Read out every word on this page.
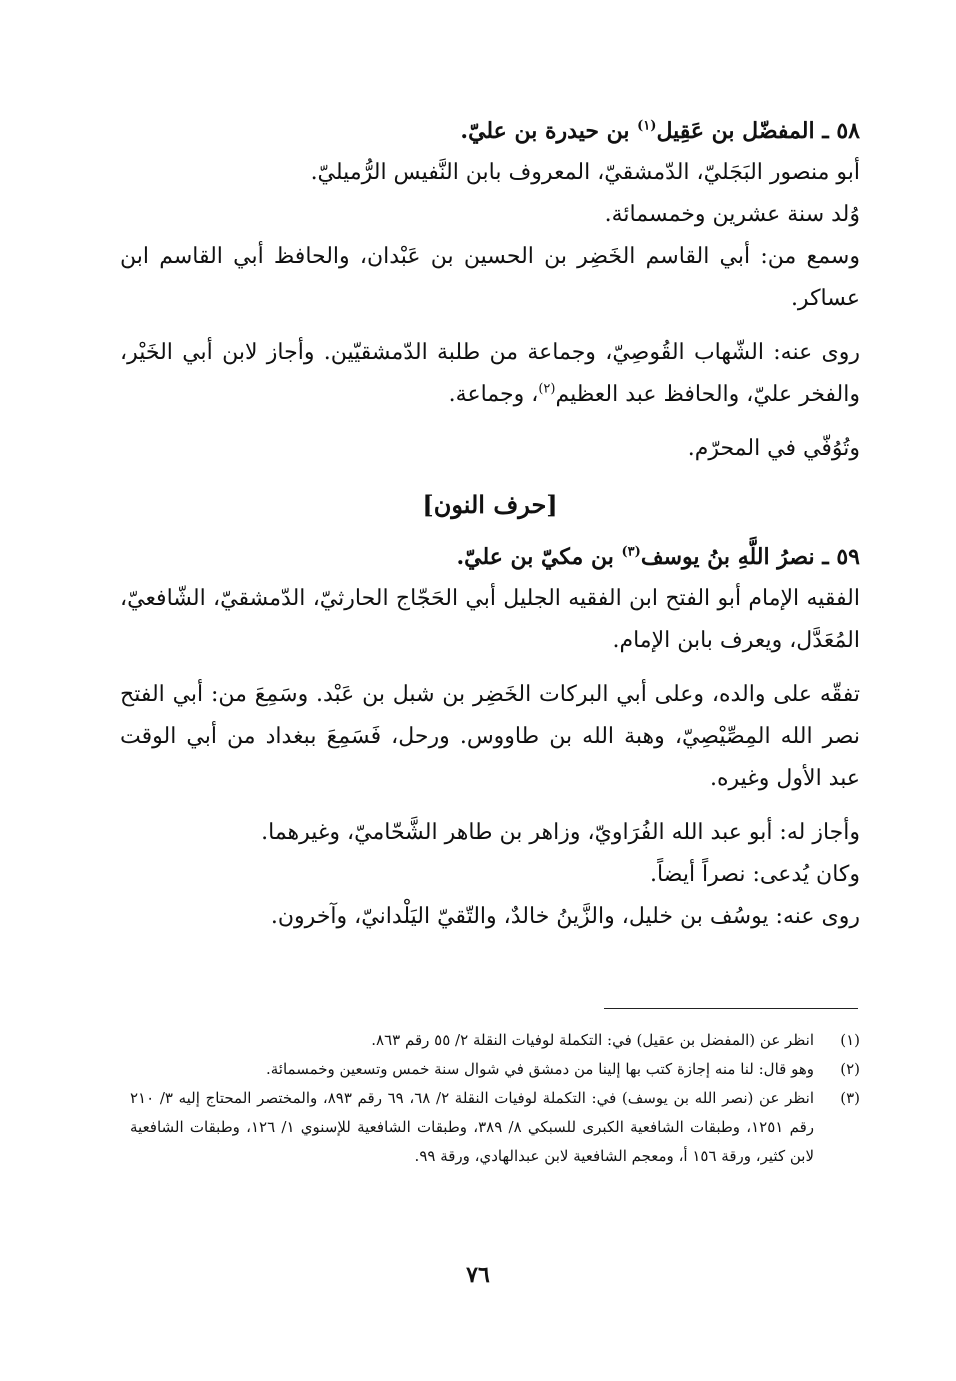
٥٨ ـ المفضّل بن عَقِيل$^{(١)}$ بن حيدرة بن عليّ.

أبو منصور البَجَليّ، الدّمشقيّ، المعروف بابن النَّفيس الرُّميليّ.

وُلد سنة عشرين وخمسمائة.

وسمع من: أبي القاسم الخَضِر بن الحسين بن عَبْدان، والحافظ أبي القاسم ابن عساكر.

روى عنه: الشّهاب القُوصِيّ، وجماعة من طلبة الدّمشقيّين. وأجاز لابن أبي الخَيْر، والفخر عليّ، والحافظ عبد العظيم$^{(٢)}$، وجماعة.

وتُوُفّي في المحرّم.

[حرف النون]

٥٩ ـ نصرُ اللَّهِ بنُ يوسف$^{(٣)}$ بن مكيّ بن عليّ.

الفقيه الإمام أبو الفتح ابن الفقيه الجليل أبي الحَجّاج الحارثيّ، الدّمشقيّ، الشّافعيّ، المُعَدَّل، ويعرف بابن الإمام.

تفقّه على والده، وعلى أبي البركات الخَضِر بن شبل بن عَبْد. وسَمِعَ من: أبي الفتح نصر الله المِصِّيْصِيّ، وهبة الله بن طاووس. ورحل، فَسَمِعَ ببغداد من أبي الوقت عبد الأول وغيره.

وأجاز له: أبو عبد الله الفُرَاويّ، وزاهر بن طاهر الشَّحّاميّ، وغيرهما.

وكان يُدعى: نصراً أيضاً.

روى عنه: يوسُف بن خليل، والزَّينُ خالدٌ، والتّقيّ اليَلْدانيّ، وآخرون.

(١)
انظر عن (المفضل بن عقيل) في: التكملة لوفيات النقلة ٢/ ٥٥ رقم ٨٦٣.
(٢)
وهو قال: لنا منه إجازة كتب بها إلينا من دمشق في شوال سنة خمس وتسعين وخمسمائة.
(٣)
انظر عن (نصر الله بن يوسف) في: التكملة لوفيات النقلة ٢/ ٦٨، ٦٩ رقم ٨٩٣، والمختصر المحتاج إليه ٣/ ٢١٠ رقم ١٢٥١، وطبقات الشافعية الكبرى للسبكي ٨/ ٣٨٩، وطبقات الشافعية للإسنوي ١/ ١٢٦، وطبقات الشافعية لابن كثير، ورقة ١٥٦ أ، ومعجم الشافعية لابن عبدالهادي، ورقة ٩٩.
٧٦
